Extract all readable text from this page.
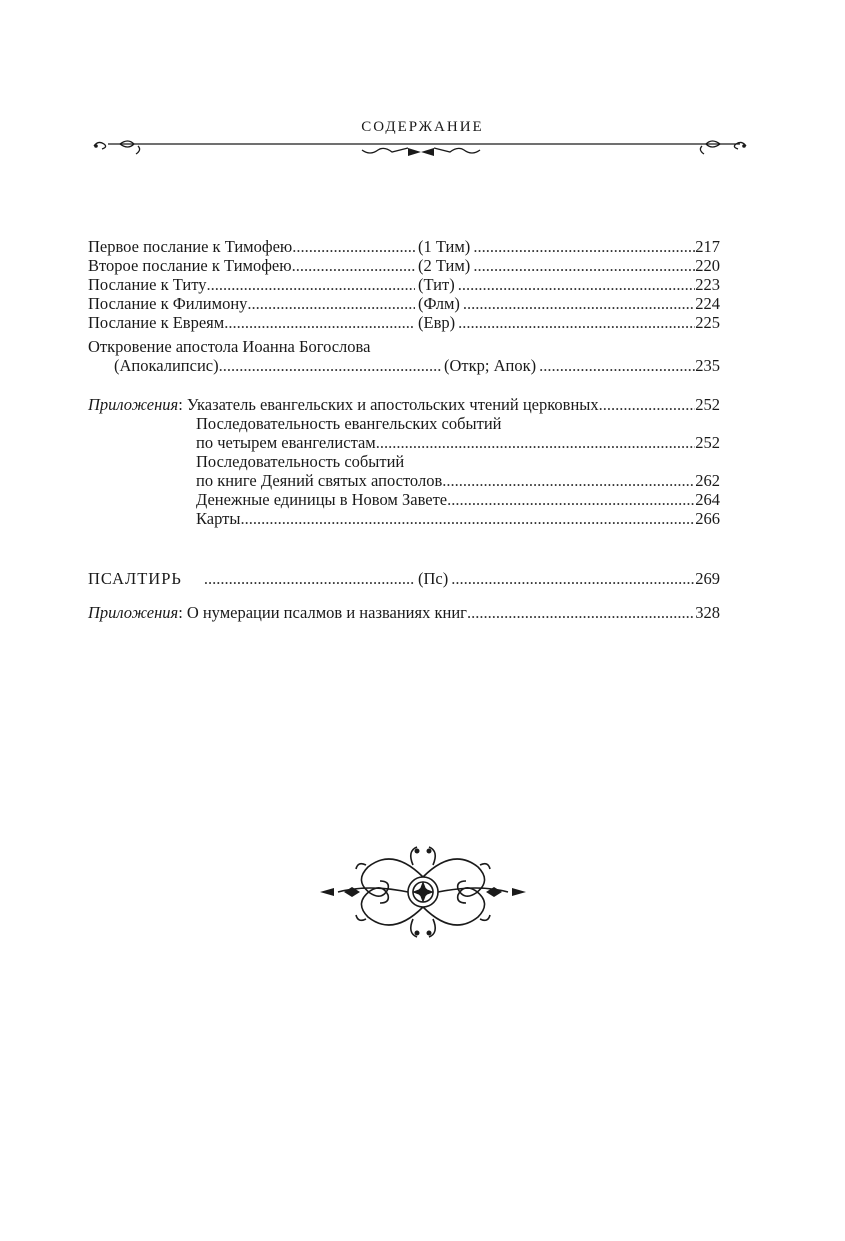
СОДЕРЖАНИЕ
Первое послание к Тимофею .....	(1 Тим) .....	217
Второе послание к Тимофею .....	(2 Тим) .....	220
Послание к Титу .....	(Тит) .....	223
Послание к Филимону .....	(Флм) .....	224
Послание к Евреям .....	(Евр) .....	225
Откровение апостола Иоанна Богослова
(Апокалипсис) .....	(Откр; Апок) .....	235
Приложения : Указатель евангельских и апостольских чтений церковных .....	252
Последовательность евангельских событий
по четырем евангелистам .....	252
Последовательность событий
по книге Деяний святых апостолов .....	262
Денежные единицы в Новом Завете .....	264
Карты .....	266
ПСАЛТИРЬ .....	(Пс) .....	269
Приложения : О нумерации псалмов и названиях книг .....	328
